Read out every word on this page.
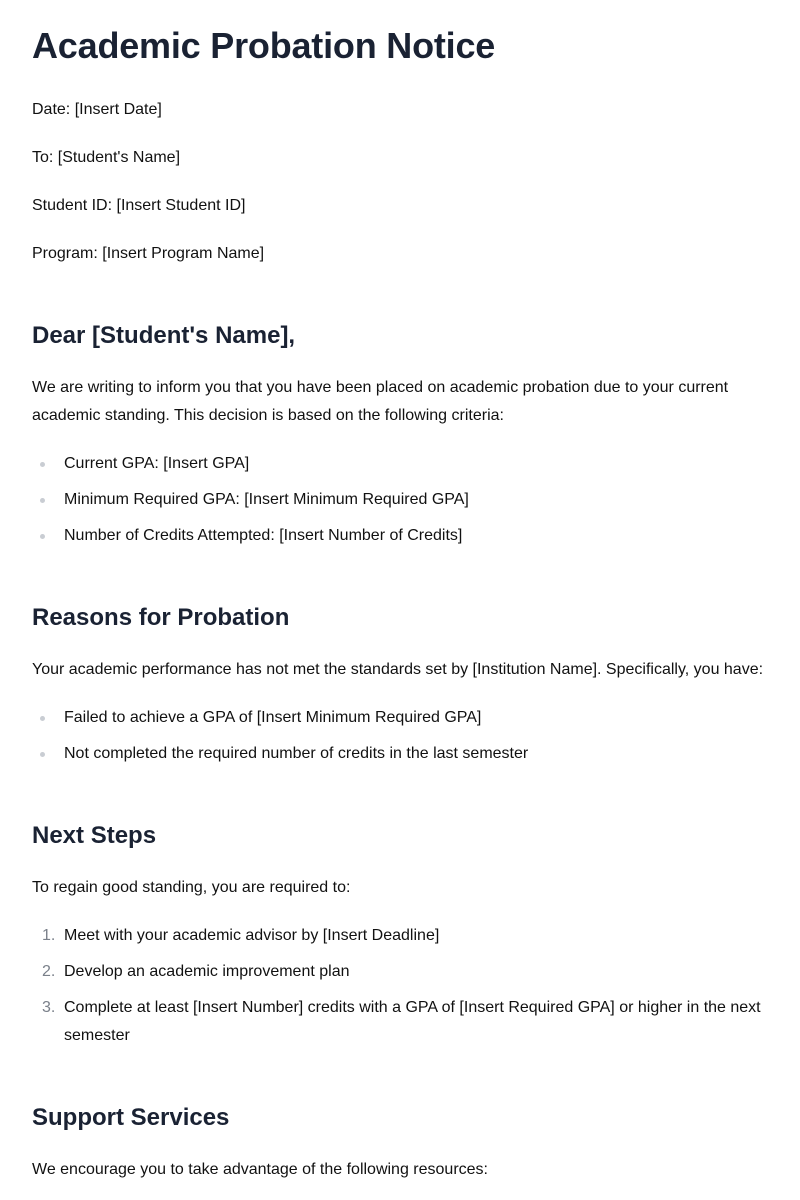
Academic Probation Notice

Date: [Insert Date]

To: [Student's Name]

Student ID: [Insert Student ID]

Program: [Insert Program Name]

Dear [Student's Name],

We are writing to inform you that you have been placed on academic probation due to your current academic standing. This decision is based on the following criteria:

Current GPA: [Insert GPA]
Minimum Required GPA: [Insert Minimum Required GPA]
Number of Credits Attempted: [Insert Number of Credits]
Reasons for Probation

Your academic performance has not met the standards set by [Institution Name]. Specifically, you have:

Failed to achieve a GPA of [Insert Minimum Required GPA]
Not completed the required number of credits in the last semester
Next Steps

To regain good standing, you are required to:

1. Meet with your academic advisor by [Insert Deadline]
2. Develop an academic improvement plan
3. Complete at least [Insert Number] credits with a GPA of [Insert Required GPA] or higher in the next semester
Support Services

We encourage you to take advantage of the following resources:
